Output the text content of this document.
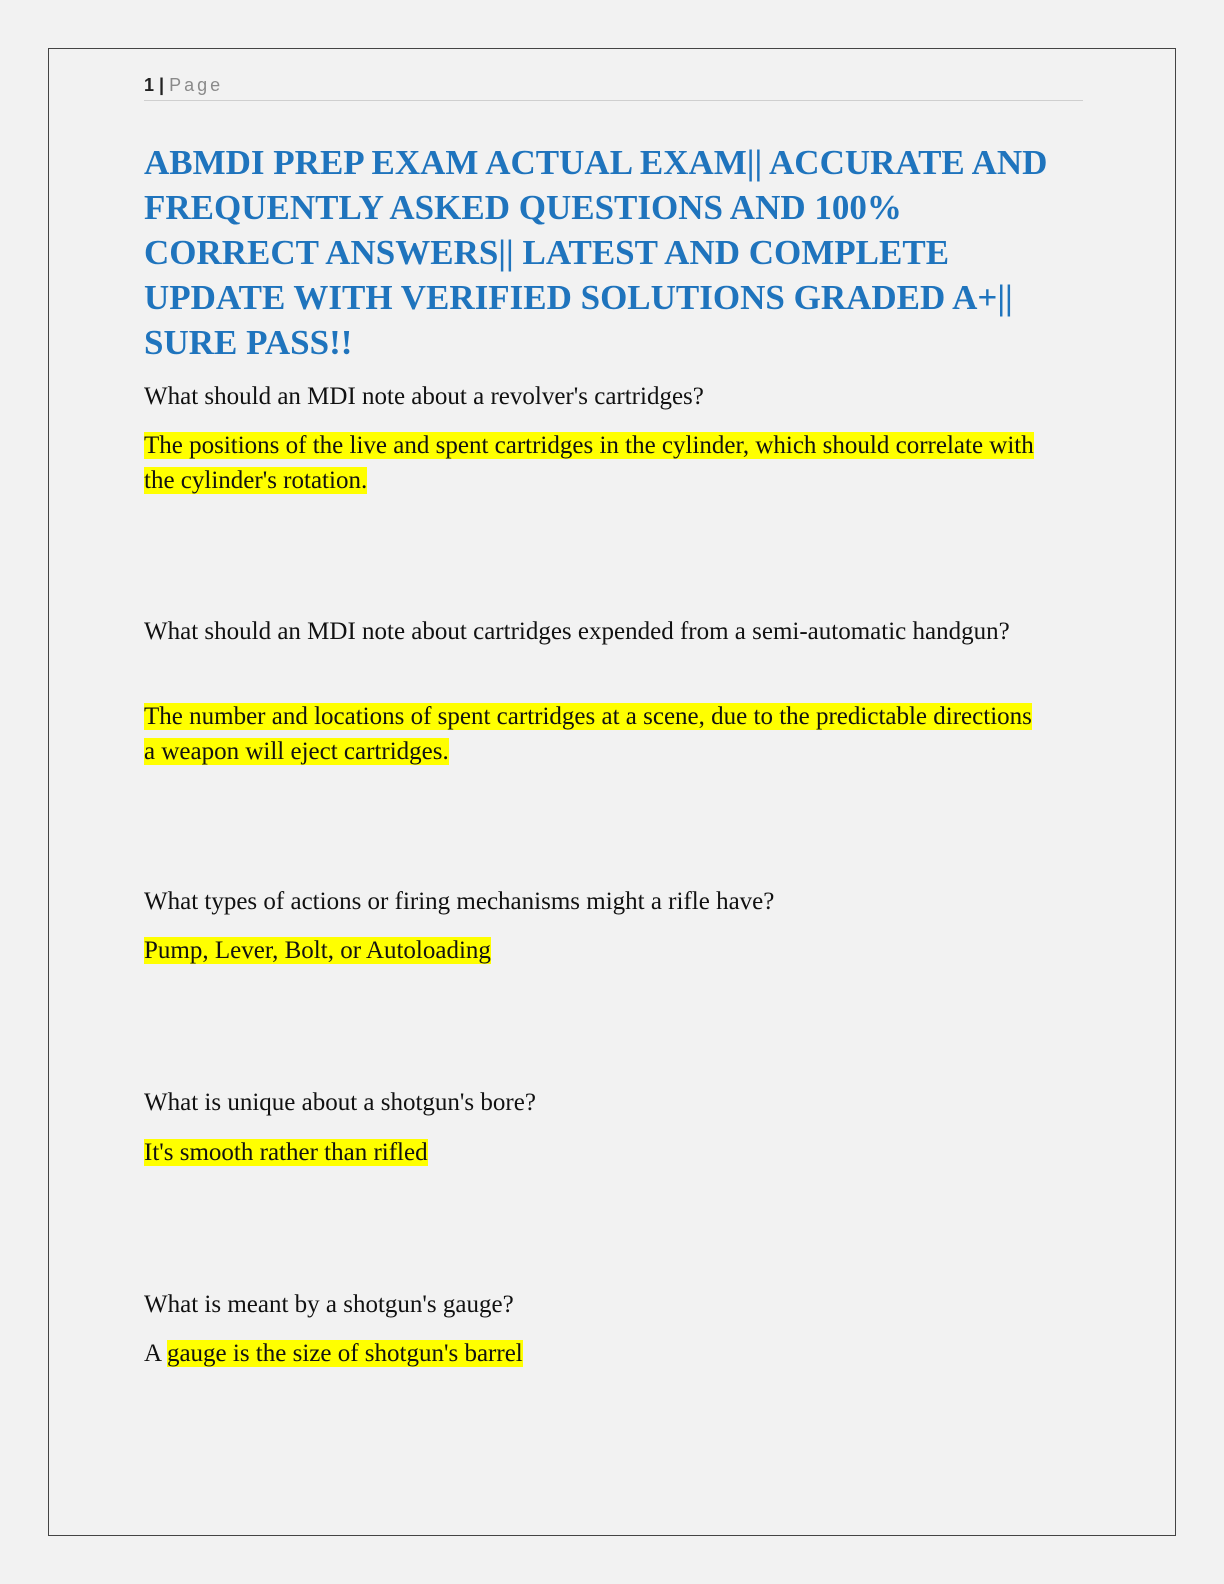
1 | Page
ABMDI PREP EXAM ACTUAL EXAM|| ACCURATE AND FREQUENTLY ASKED QUESTIONS AND 100% CORRECT ANSWERS|| LATEST AND COMPLETE UPDATE WITH VERIFIED SOLUTIONS GRADED A+|| SURE PASS!!

What should an MDI note about a revolver's cartridges?

The positions of the live and spent cartridges in the cylinder, which should correlate with the cylinder's rotation.

What should an MDI note about cartridges expended from a semi-automatic handgun?

The number and locations of spent cartridges at a scene, due to the predictable directions a weapon will eject cartridges.

What types of actions or firing mechanisms might a rifle have?

Pump, Lever, Bolt, or Autoloading

What is unique about a shotgun's bore?

It's smooth rather than rifled

What is meant by a shotgun's gauge?

A gauge is the size of shotgun's barrel
